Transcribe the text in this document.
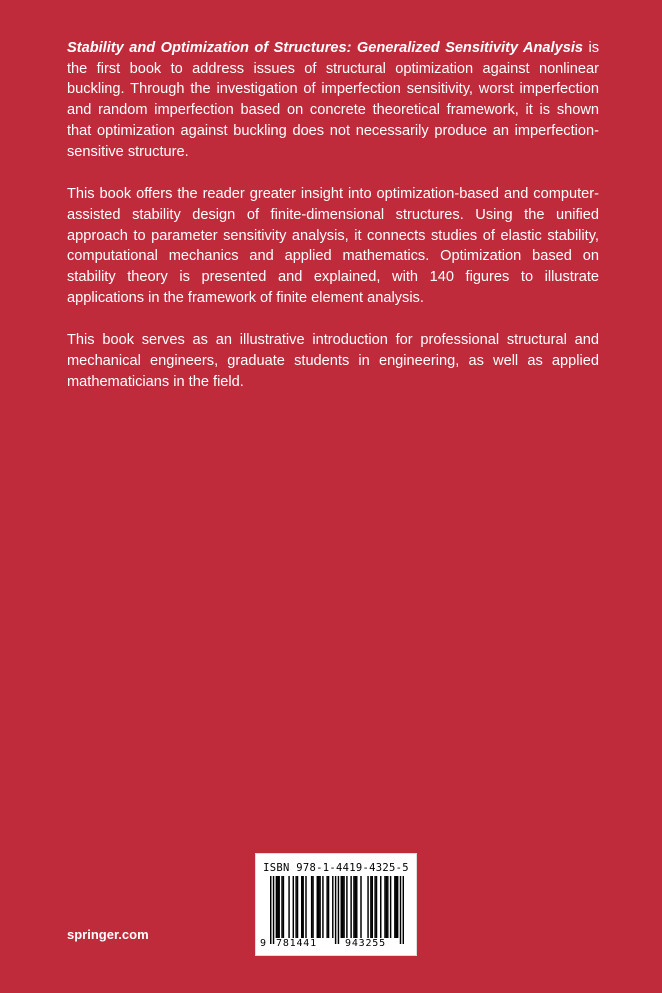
Stability and Optimization of Structures: Generalized Sensitivity Analysis is the first book to address issues of structural optimization against nonlinear buckling. Through the investigation of imperfection sensitivity, worst imperfection and random imperfection based on concrete theoretical framework, it is shown that optimization against buckling does not necessarily produce an imperfection-sensitive structure.

This book offers the reader greater insight into optimization-based and computer-assisted stability design of finite-dimensional structures. Using the unified approach to parameter sensitivity analysis, it connects studies of elastic stability, computational mechanics and applied mathematics. Optimization based on stability theory is presented and explained, with 140 figures to illustrate applications in the framework of finite element analysis.

This book serves as an illustrative introduction for professional structural and mechanical engineers, graduate students in engineering, as well as applied mathematicians in the field.

ISBN 978-1-4419-4325-5
9 781441	943255
springer.com
